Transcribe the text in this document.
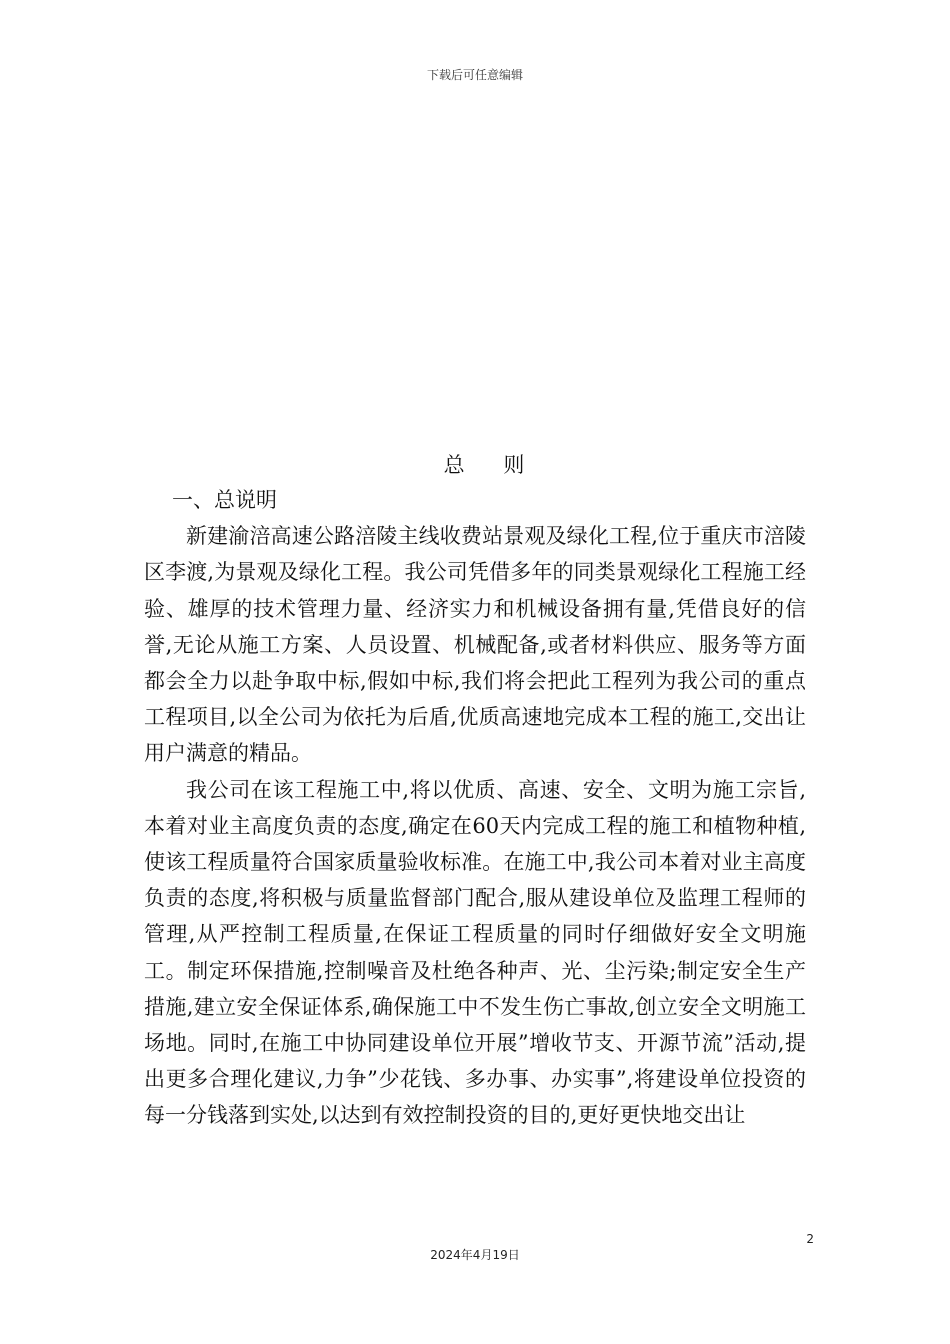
下载后可任意编辑
总 则

一、总说明

新建渝涪高速公路涪陵主线收费站景观及绿化工程,位于重庆市涪陵区李渡,为景观及绿化工程。我公司凭借多年的同类景观绿化工程施工经验、雄厚的技术管理力量、经济实力和机械设备拥有量,凭借良好的信誉,无论从施工方案、人员设置、机械配备,或者材料供应、服务等方面都会全力以赴争取中标,假如中标,我们将会把此工程列为我公司的重点工程项目,以全公司为依托为后盾,优质高速地完成本工程的施工,交出让用户满意的精品。

我公司在该工程施工中,将以优质、高速、安全、文明为施工宗旨,本着对业主高度负责的态度,确定在60天内完成工程的施工和植物种植,使该工程质量符合国家质量验收标准。在施工中,我公司本着对业主高度负责的态度,将积极与质量监督部门配合,服从建设单位及监理工程师的管理,从严控制工程质量,在保证工程质量的同时仔细做好安全文明施工。制定环保措施,控制噪音及杜绝各种声、光、尘污染;制定安全生产措施,建立安全保证体系,确保施工中不发生伤亡事故,创立安全文明施工场地。同时,在施工中协同建设单位开展”增收节支、开源节流”活动,提出更多合理化建议,力争”少花钱、多办事、办实事”,将建设单位投资的每一分钱落到实处,以达到有效控制投资的目的,更好更快地交出让

2
2024年4月19日
